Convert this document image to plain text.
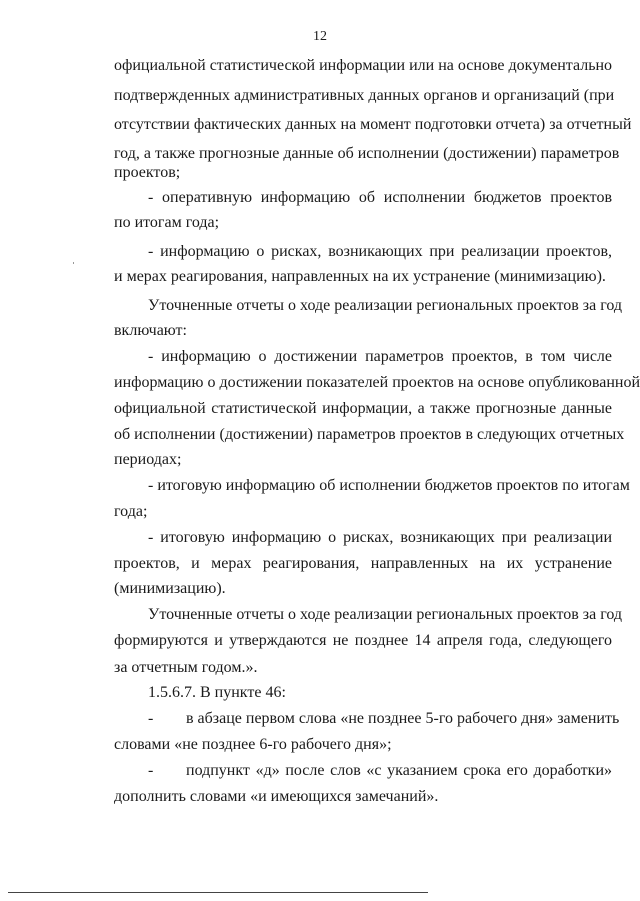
12
официальной статистической информации или на основе документально
подтвержденных административных данных органов и организаций (при
отсутствии фактических данных на момент подготовки отчета) за отчетный
год, а также прогнозные данные об исполнении (достижении) параметров
проектов;
- оперативную информацию об исполнении бюджетов проектов
по итогам года;
- информацию о рисках, возникающих при реализации проектов,
и мерах реагирования, направленных на их устранение (минимизацию).
Уточненные отчеты о ходе реализации региональных проектов за год
включают:
- информацию о достижении параметров проектов, в том числе
информацию о достижении показателей проектов на основе опубликованной
официальной статистической информации, а также прогнозные данные
об исполнении (достижении) параметров проектов в следующих отчетных
периодах;
- итоговую информацию об исполнении бюджетов проектов по итогам
года;
- итоговую информацию о рисках, возникающих при реализации
проектов, и мерах реагирования, направленных на их устранение
(минимизацию).
Уточненные отчеты о ходе реализации региональных проектов за год
формируются и утверждаются не позднее 14 апреля года, следующего
за отчетным годом.».
1.5.6.7. В пункте 46:
- в абзаце первом слова «не позднее 5-го рабочего дня» заменить
словами «не позднее 6-го рабочего дня»;
- подпункт «д» после слов «с указанием срока его доработки»
дополнить словами «и имеющихся замечаний».
